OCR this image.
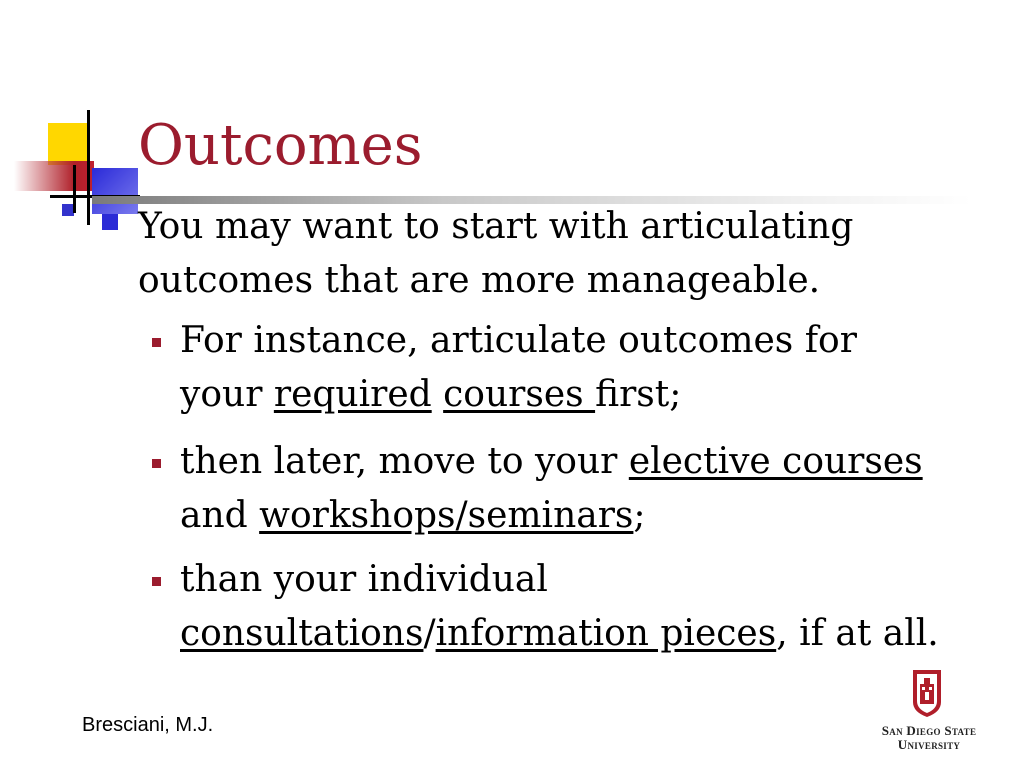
Outcomes
You may want to start with articulating outcomes that are more manageable.
For instance, articulate outcomes for your required courses first;
then later, move to your elective courses and workshops/seminars;
than your individual consultations/information pieces, if at all.
Bresciani, M.J.	San Diego State
University
